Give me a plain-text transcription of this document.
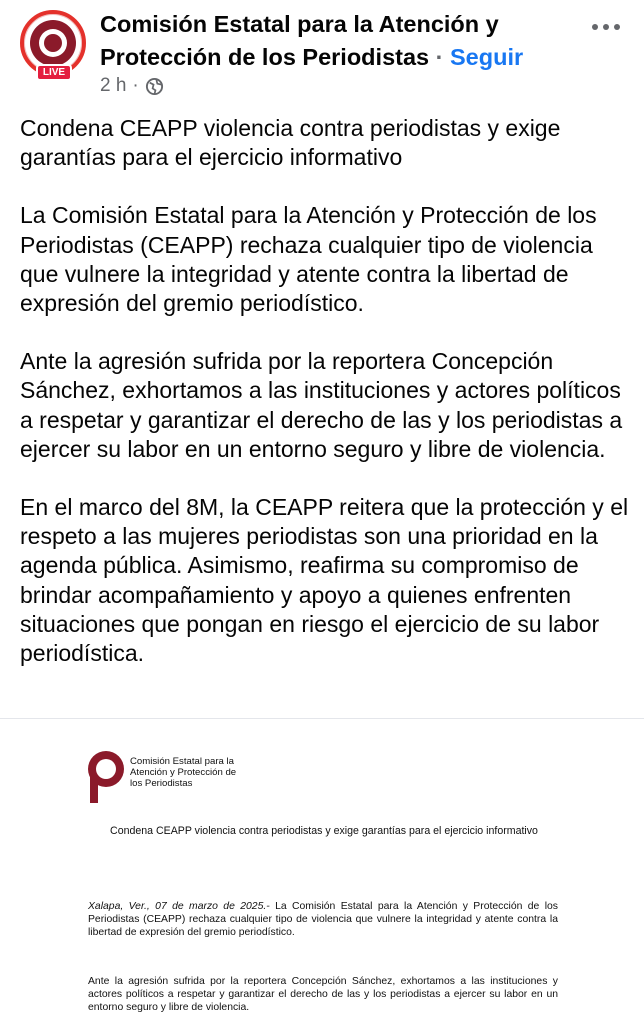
LIVE
Comisión Estatal para la Atención y Protección de los Periodistas · Seguir
2 h ·

Condena CEAPP violencia contra periodistas y exige garantías para el ejercicio informativo

La Comisión Estatal para la Atención y Protección de los Periodistas (CEAPP) rechaza cualquier tipo de violencia que vulnere la integridad y atente contra la libertad de expresión del gremio periodístico.

Ante la agresión sufrida por la reportera Concepción Sánchez, exhortamos a las instituciones y actores políticos a respetar y garantizar el derecho de las y los periodistas a ejercer su labor en un entorno seguro y libre de violencia.

En el marco del 8M, la CEAPP reitera que la protección y el respeto a las mujeres periodistas son una prioridad en la agenda pública. Asimismo, reafirma su compromiso de brindar acompañamiento y apoyo a quienes enfrenten situaciones que pongan en riesgo el ejercicio de su labor periodística.

Comisión Estatal para la
Atención y Protección de
los Periodistas
Condena CEAPP violencia contra periodistas y exige garantías para el ejercicio informativo
Xalapa, Ver., 07 de marzo de 2025.- La Comisión Estatal para la Atención y Protección de los Periodistas (CEAPP) rechaza cualquier tipo de violencia que vulnere la integridad y atente contra la libertad de expresión del gremio periodístico.
Ante la agresión sufrida por la reportera Concepción Sánchez, exhortamos a las instituciones y actores políticos a respetar y garantizar el derecho de las y los periodistas a ejercer su labor en un entorno seguro y libre de violencia.
